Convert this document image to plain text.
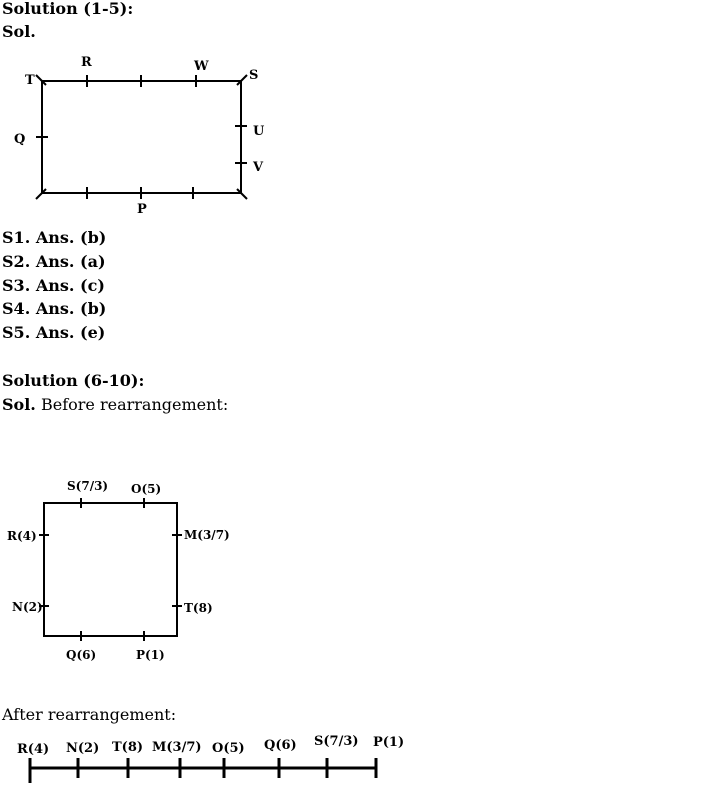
Solution (1-5):
Sol.
T
R	W
S
Q
U
V
P
S(7/3) O(5)
R(4)
N(2)
M(3/7)
T(8)
Q(6)	P(1)
R(4) N(2) T(8) M(3/7) O(5) Q(6) S(7/3) P(1)
S1. Ans. (b)
S2. Ans. (a)
S3. Ans. (c)
S4. Ans. (b)
S5. Ans. (e)
Solution (6-10):
Sol. Before rearrangement:
After rearrangement:
